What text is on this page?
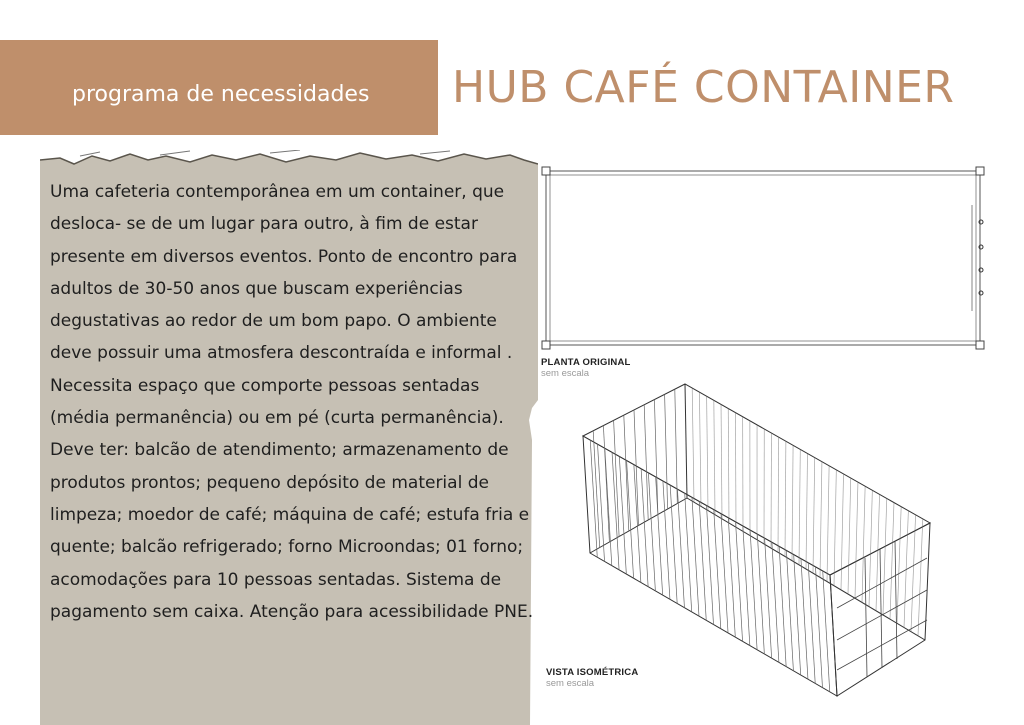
programa de necessidades HUB CAFÉ CONTAINER

Uma cafeteria contemporânea em um container, que desloca- se de um lugar para outro, à fim de estar presente em diversos eventos. Ponto de encontro para adultos de 30-50 anos que buscam experiências degustativas ao redor de um bom papo. O ambiente deve possuir uma atmosfera descontraída e informal .

Necessita espaço que comporte pessoas sentadas (média permanência) ou em pé (curta permanência). Deve ter: balcão de atendimento; armazenamento de produtos prontos; pequeno depósito de material de limpeza; moedor de café; máquina de café; estufa fria e quente; balcão refrigerado; forno Microondas; 01 forno; acomodações para 10 pessoas sentadas. Sistema de pagamento sem caixa. Atenção para acessibilidade PNE.

PLANTA ORIGINAL
sem escala
VISTA ISOMÉTRICA
sem escala
